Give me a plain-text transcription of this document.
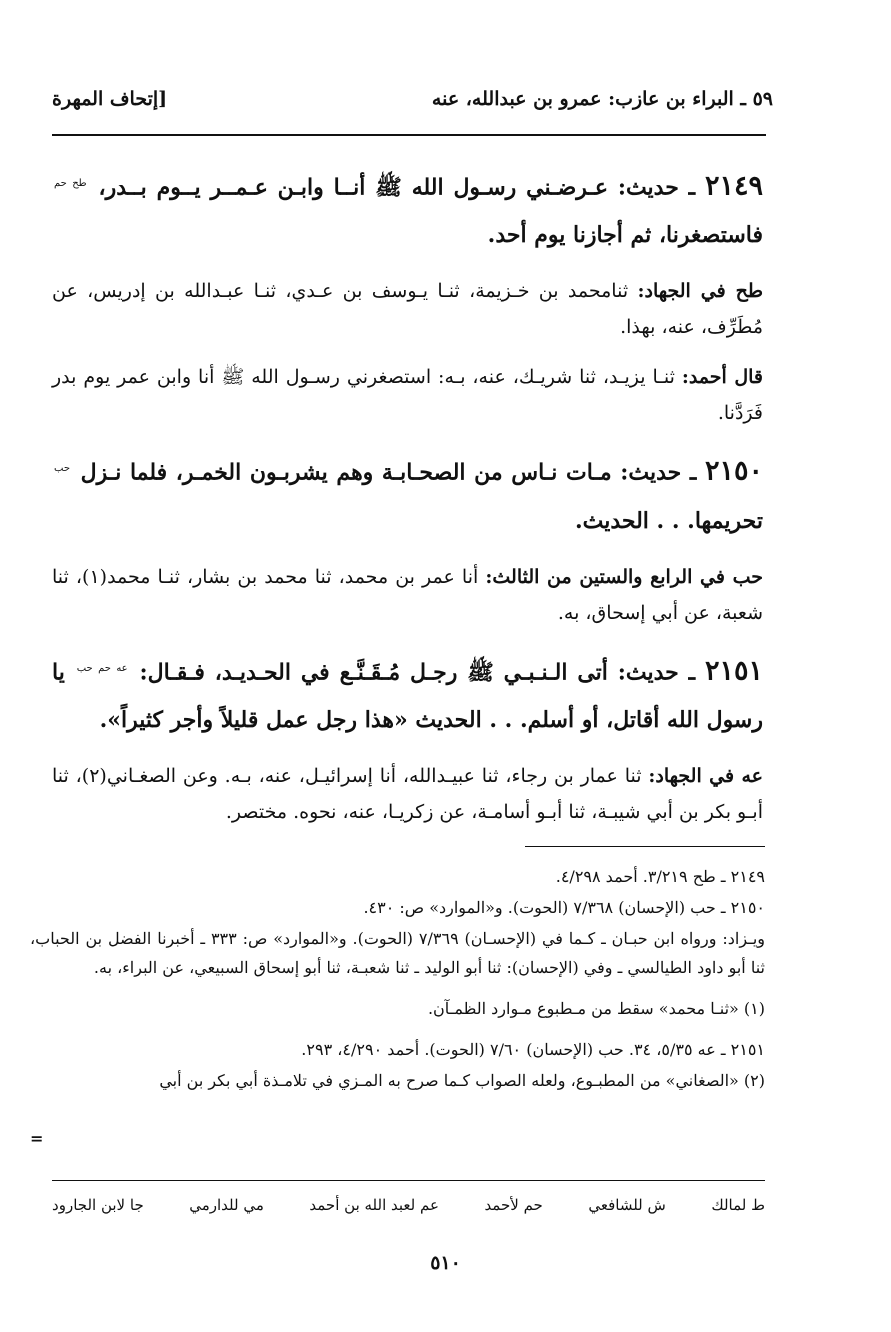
٥٩ ـ البراء بن عازب: عمرو بن عبدالله، عنه
[إتحاف المهرة

٢١٤٩ ـ حديث: عـرضـني رسـول الله ﷺ أنــا وابـن عـمــر يــوم بــدر، $^{طح حم}$ فاستصغرنا، ثم أجازنا يوم أحد.

طح في الجهاد: ثنامحمد بن خـزيمة، ثنـا يـوسف بن عـدي، ثنـا عبـدالله بن إدريس، عن مُطَرِّف، عنه، بهذا.

قال أحمد: ثنـا يزيـد، ثنا شريـك، عنه، بـه: استصغرني رسـول الله ﷺ أنا وابن عمر يوم بدر فَرَدَّنا.

٢١٥٠ ـ حديث: مـات نـاس من الصحـابـة وهم يشربـون الخمـر، فلما نـزل $^{حب}$ تحريمها. . . الحديث.

حب في الرابع والستين من الثالث: أنا عمر بن محمد، ثنا محمد بن بشار، ثنـا محمد(١)، ثنا شعبة، عن أبي إسحاق، به.

٢١٥١ ـ حديث: أتى الـنـبـي ﷺ رجـل مُـقَـنَّـع في الحـديـد، فـقـال: $^{عه حم حب}$ يا رسول الله أقاتل، أو أسلم. . . الحديث «هذا رجل عمل قليلاً وأجر كثيراً».

عه في الجهاد: ثنا عمار بن رجاء، ثنا عبيـدالله، أنا إسرائيـل، عنه، بـه. وعن الصغـاني(٢)، ثنا أبـو بكر بن أبي شيبـة، ثنا أبـو أسامـة، عن زكريـا، عنه، نحوه. مختصر.

٢١٤٩ ـ طح ٣/٢١٩. أحمد ٤/٢٩٨.

٢١٥٠ ـ حب (الإحسان) ٧/٣٦٨ (الحوت). و«الموارد» ص: ٤٣٠.

ويـزاد: ورواه ابن حبـان ـ كـما في (الإحسـان) ٧/٣٦٩ (الحوت). و«الموارد» ص: ٣٣٣ ـ أخبرنا الفضل بن الحباب، ثنا أبو داود الطيالسي ـ وفي (الإحسان): ثنا أبو الوليد ـ ثنا شعبـة، ثنا أبو إسحاق السبيعي، عن البراء، به.

(١) «ثنـا محمد» سقط من مـطبوع مـوارد الظمـآن.

٢١٥١ ـ عه ٥/٣٥، ٣٤. حب (الإحسان) ٧/٦٠ (الحوت). أحمد ٤/٢٩٠، ٢٩٣.

(٢) «الصغاني» من المطبـوع، ولعله الصواب كـما صرح به المـزي في تلامـذة أبي بكر بن أبي

=
ط لمالك
ش للشافعي
حم لأحمد
عم لعبد الله بن أحمد
مي للدارمي
جا لابن الجارود
٥١٠
